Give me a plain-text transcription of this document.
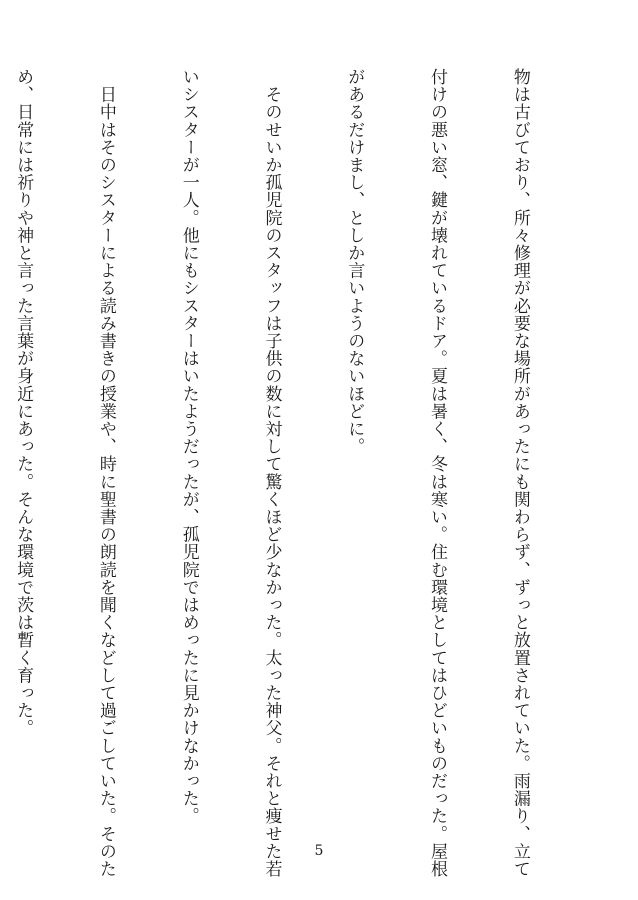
物は古びており、所々修理が必要な場所があったにも関わらず、ずっと放置されていた。雨漏り、立て

付けの悪い窓、鍵が壊れているドア。夏は暑く、冬は寒い。住む環境としてはひどいものだった。屋根

があるだけまし、としか言いようのないほどに。

　そのせいか孤児院のスタッフは子供の数に対して驚くほど少なかった。太った神父。それと痩せた若

いシスターが一人。他にもシスターはいたようだったが、孤児院ではめったに見かけなかった。

　日中はそのシスターによる読み書きの授業や、時に聖書の朗読を聞くなどして過ごしていた。そのた

め、日常には祈りや神と言った言葉が身近にあった。そんな環境で茨は暫く育った。

5
